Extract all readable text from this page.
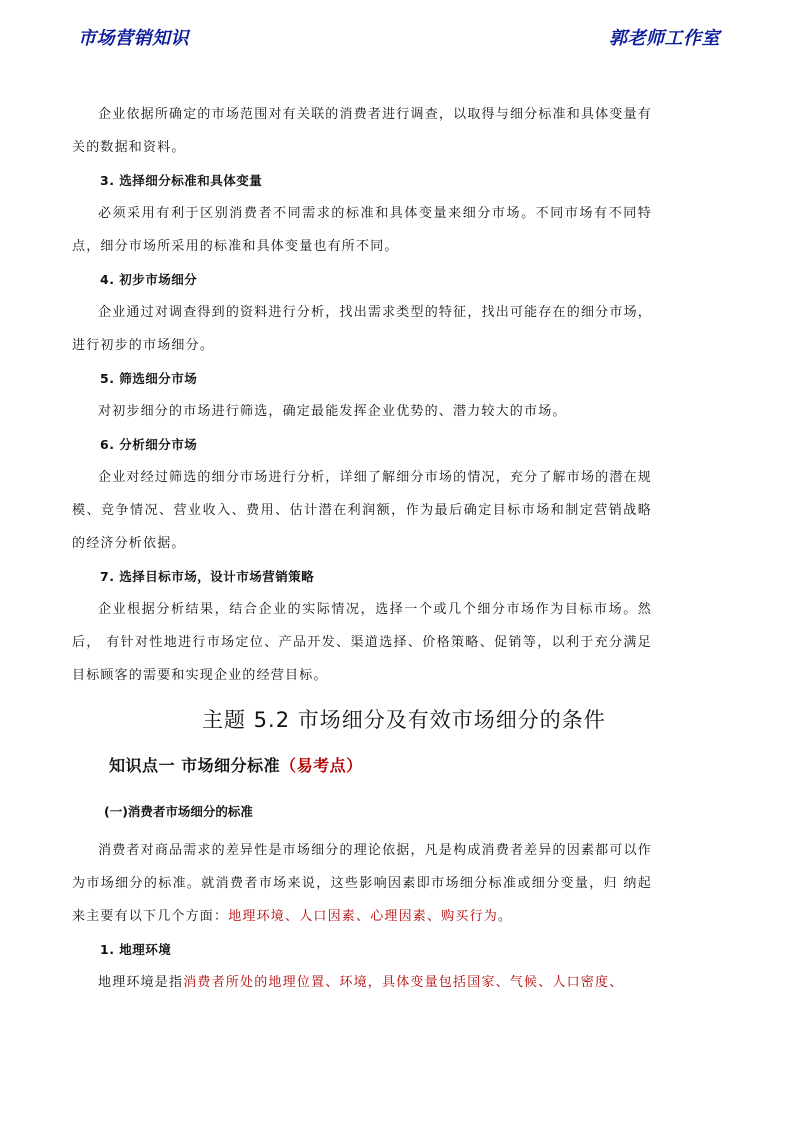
市场营销知识	郭老师工作室

企业依据所确定的市场范围对有关联的消费者进行调查，以取得与细分标准和具体变量有关的数据和资料。

3. 选择细分标准和具体变量

必须采用有利于区别消费者不同需求的标准和具体变量来细分市场。不同市场有不同特点，细分市场所采用的标准和具体变量也有所不同。

4. 初步市场细分

企业通过对调查得到的资料进行分析，找出需求类型的特征，找出可能存在的细分市场，进行初步的市场细分。

5. 筛选细分市场

对初步细分的市场进行筛选，确定最能发挥企业优势的、潜力较大的市场。

6. 分析细分市场

企业对经过筛选的细分市场进行分析，详细了解细分市场的情况，充分了解市场的潜在规模、竞争情况、营业收入、费用、估计潜在利润额，作为最后确定目标市场和制定营销战略的经济分析依据。

7. 选择目标市场，设计市场营销策略

企业根据分析结果，结合企业的实际情况，选择一个或几个细分市场作为目标市场。然后， 有针对性地进行市场定位、产品开发、渠道选择、价格策略、促销等，以利于充分满足目标顾客的需要和实现企业的经营目标。

主题 5.2 市场细分及有效市场细分的条件
知识点一 市场细分标准（易考点）

(一)消费者市场细分的标准

消费者对商品需求的差异性是市场细分的理论依据，凡是构成消费者差异的因素都可以作为市场细分的标准。就消费者市场来说，这些影响因素即市场细分标准或细分变量，归 纳起来主要有以下几个方面：地理环境、人口因素、心理因素、购买行为。

1. 地理环境

地理环境是指消费者所处的地理位置、环境，具体变量包括国家、气候、人口密度、
